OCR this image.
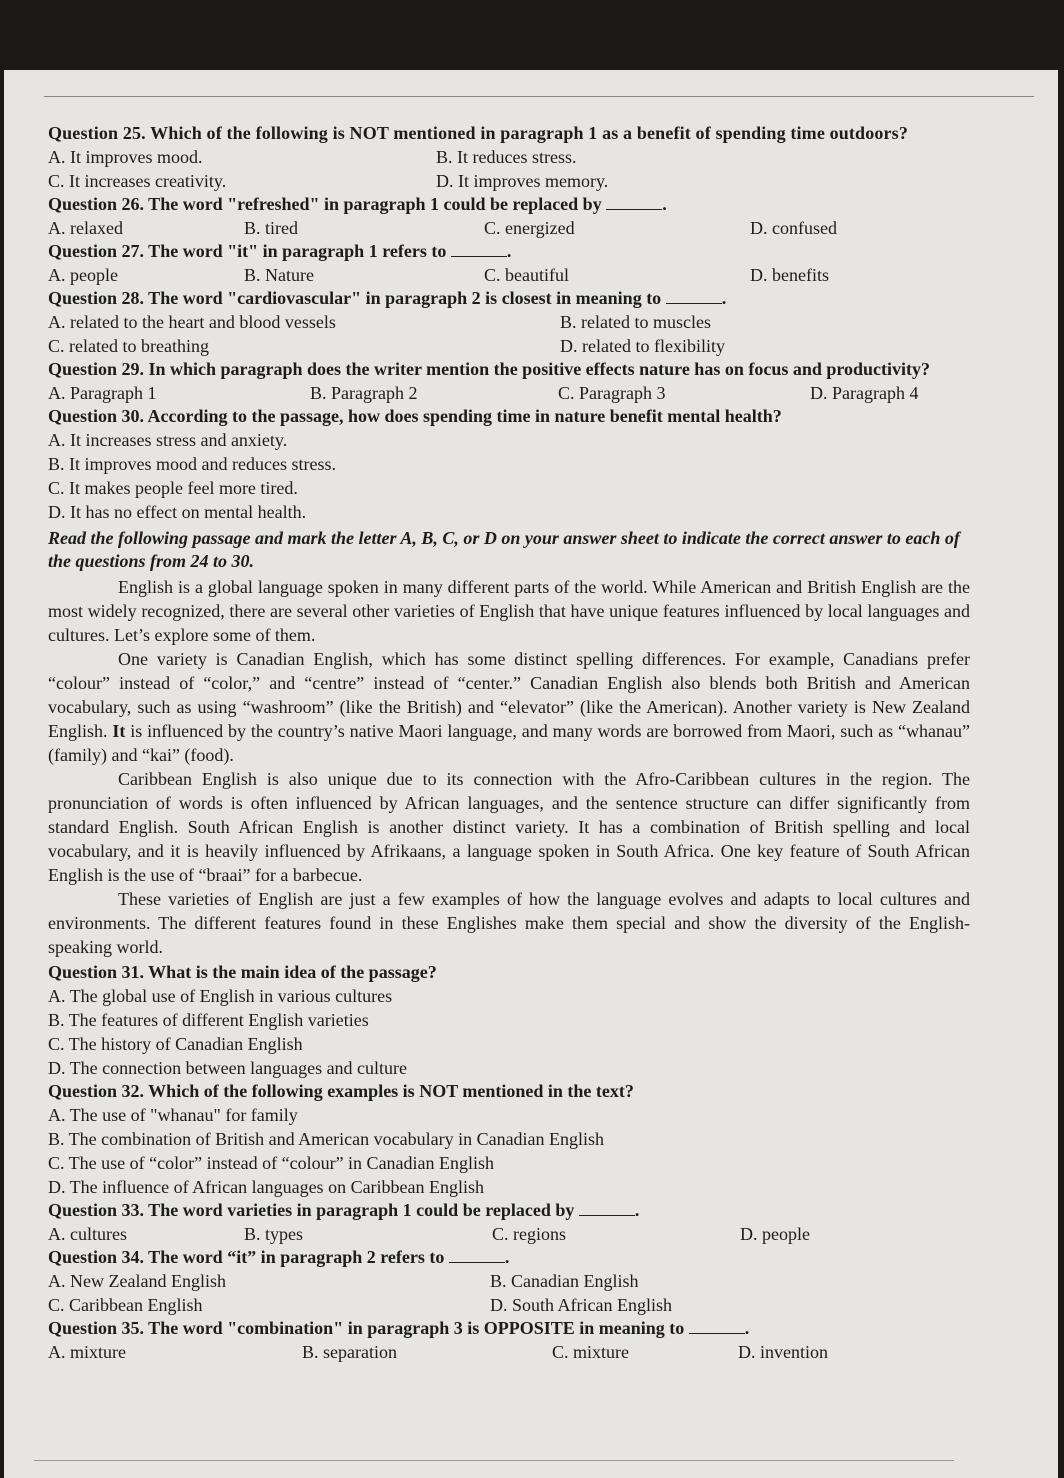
Question 25. Which of the following is NOT mentioned in paragraph 1 as a benefit of spending time outdoors?

A. It improves mood.	B. It reduces stress.
C. It increases creativity.	D. It improves memory.

Question 26. The word "refreshed" in paragraph 1 could be replaced by	.

A. relaxed	B. tired	C. energized	D. confused

Question 27. The word "it" in paragraph 1 refers to	.

A. people	B. Nature	C. beautiful	D. benefits

Question 28. The word "cardiovascular" in paragraph 2 is closest in meaning to	.

A. related to the heart and blood vessels	B. related to muscles
C. related to breathing	D. related to flexibility

Question 29. In which paragraph does the writer mention the positive effects nature has on focus and productivity?

A. Paragraph 1	B. Paragraph 2	C. Paragraph 3	D. Paragraph 4

Question 30. According to the passage, how does spending time in nature benefit mental health?

A. It increases stress and anxiety.

B. It improves mood and reduces stress.

C. It makes people feel more tired.

D. It has no effect on mental health.

Read the following passage and mark the letter A, B, C, or D on your answer sheet to indicate the correct answer to each of the questions from 24 to 30.

English is a global language spoken in many different parts of the world. While American and British English are the most widely recognized, there are several other varieties of English that have unique features influenced by local languages and cultures. Let’s explore some of them.

One variety is Canadian English, which has some distinct spelling differences. For example, Canadians prefer “colour” instead of “color,” and “centre” instead of “center.” Canadian English also blends both British and American vocabulary, such as using “washroom” (like the British) and “elevator” (like the American). Another variety is New Zealand English. It is influenced by the country’s native Maori language, and many words are borrowed from Maori, such as “whanau” (family) and “kai” (food).

Caribbean English is also unique due to its connection with the Afro-Caribbean cultures in the region. The pronunciation of words is often influenced by African languages, and the sentence structure can differ significantly from standard English. South African English is another distinct variety. It has a combination of British spelling and local vocabulary, and it is heavily influenced by Afrikaans, a language spoken in South Africa. One key feature of South African English is the use of “braai” for a barbecue.

These varieties of English are just a few examples of how the language evolves and adapts to local cultures and environments. The different features found in these Englishes make them special and show the diversity of the English-speaking world.

Question 31. What is the main idea of the passage?

A. The global use of English in various cultures

B. The features of different English varieties

C. The history of Canadian English

D. The connection between languages and culture

Question 32. Which of the following examples is NOT mentioned in the text?

A. The use of "whanau" for family

B. The combination of British and American vocabulary in Canadian English

C. The use of “color” instead of “colour” in Canadian English

D. The influence of African languages on Caribbean English

Question 33. The word varieties in paragraph 1 could be replaced by	.

A. cultures	B. types	C. regions	D. people

Question 34. The word “it” in paragraph 2 refers to	.

A. New Zealand English	B. Canadian English
C. Caribbean English	D. South African English

Question 35. The word "combination" in paragraph 3 is OPPOSITE in meaning to	.

A. mixture	B. separation	C. mixture	D. invention
